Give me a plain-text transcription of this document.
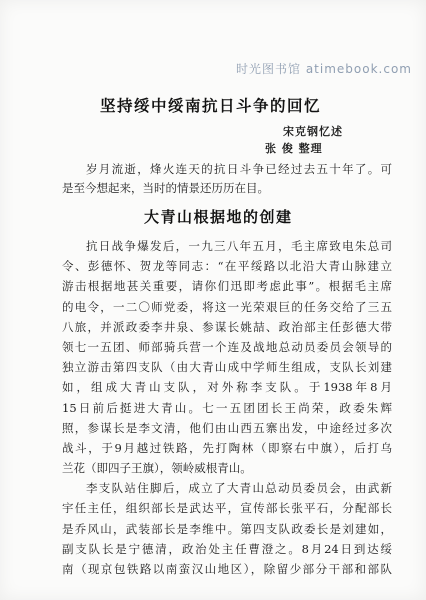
时光图书馆 atimebook.com
坚持绥中绥南抗日斗争的回忆
宋克钢忆述
张 俊 整理
岁月流逝，烽火连天的抗日斗争已经过去五十年了。可
是至今想起来，当时的情景还历历在目。
大青山根据地的创建
抗日战争爆发后，一九三八年五月，毛主席致电朱总司
令、彭德怀、贺龙等同志：“在平绥路以北沿大青山脉建立
游击根据地甚关重要，请你们迅即考虑此事”。根据毛主席
的电令，一二〇师党委，将这一光荣艰巨的任务交给了三五
八旅，并派政委李井泉、参谋长姚喆、政治部主任彭德大带
领七一五团、师部骑兵营一个连及战地总动员委员会领导的
独立游击第四支队（由大青山成中学师生组成，支队长刘建
如，组成大青山支队，对外称李支队。于1938年8月
15日前后挺进大青山。七一五团团长王尚荣，政委朱辉
照，参谋长是李文清，他们由山西五寨出发，中途经过多次
战斗，于9月越过铁路，先打陶林（即察右中旗），后打乌
兰花（即四子王旗），领岭威根青山。
李支队站住脚后，成立了大青山总动员委员会，由武新
宇任主任，组织部长是武达平，宣传部长张平石，分配部长
是乔风山，武装部长是李维中。第四支队政委长是刘建如，
副支队长是宁德清，政治处主任曹澄之。8月24日到达绥
南（现京包铁路以南蛮汉山地区），除留少部分干部和部队
